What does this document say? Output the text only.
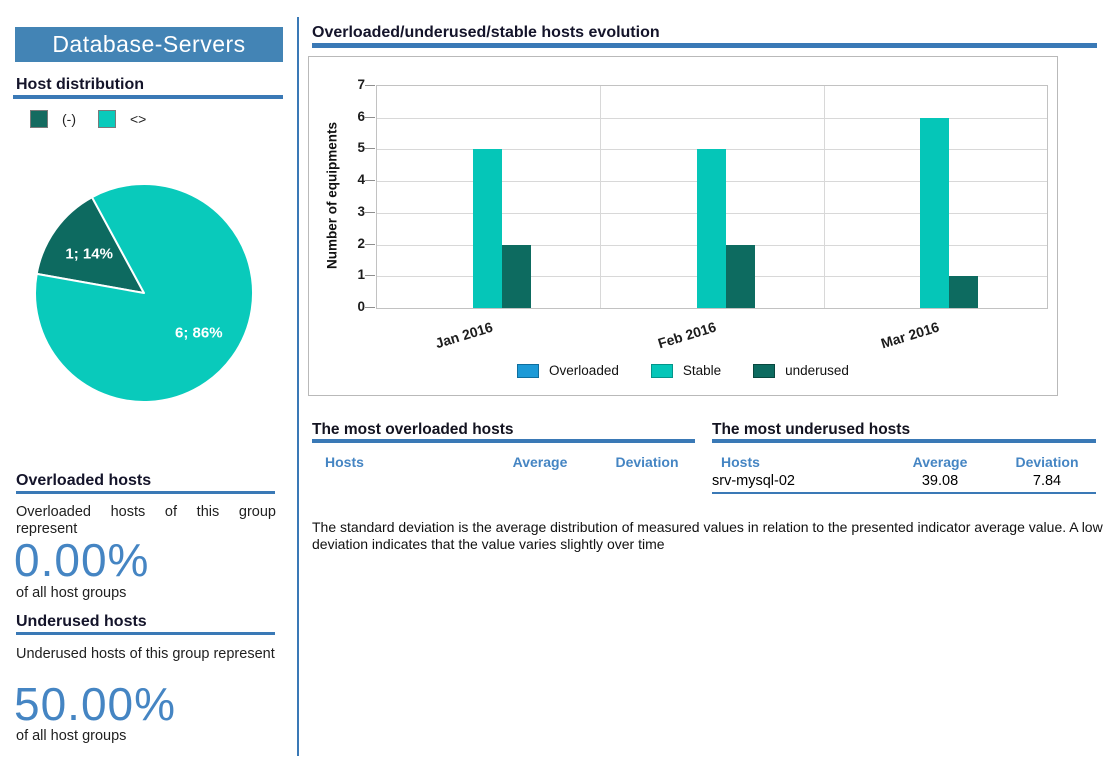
Database-Servers
Host distribution
(-)	<>
1; 14%
6; 86%
Overloaded hosts
Overloaded hosts of this group represent
0.00%
of all host groups
Underused hosts
Underused hosts of this group represent
50.00%
of all host groups
Overloaded/underused/stable hosts evolution
Number of equipments
Overloaded	Stable	underused
0
1
2
3
4
5
6
7
Jan 2016	Feb 2016	Mar 2016
The most overloaded hosts
Hosts	Average	Deviation
The most underused hosts
Hosts	Average	Deviation
srv-mysql-02	39.08	7.84
The standard deviation is the average distribution of measured values in relation to the presented indicator average value. A low deviation indicates that the value varies slightly over time
